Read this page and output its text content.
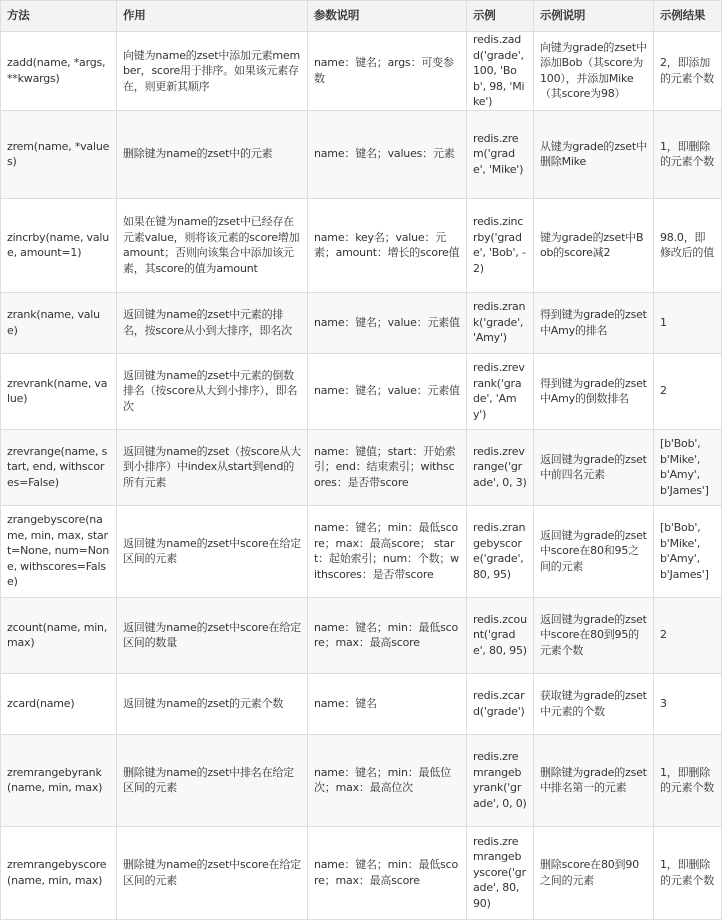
方法	作用	参数说明	示例	示例说明	示例结果
zadd(name, *args, **kwargs)	向键为name的zset中添加元素member，score用于排序。如果该元素存在，则更新其顺序	name：键名；args：可变参数	redis.zadd('grade', 100, 'Bob', 98, 'Mike')	向键为grade的zset中添加Bob（其score为100），并添加Mike（其score为98）	2，即添加的元素个数
zrem(name, *values)	删除键为name的zset中的元素	name：键名；values：元素	redis.zrem('grade', 'Mike')	从键为grade的zset中删除Mike	1，即删除的元素个数
zincrby(name, value, amount=1)	如果在键为name的zset中已经存在元素value，则将该元素的score增加amount；否则向该集合中添加该元素，其score的值为amount	name：key名；value：元素；amount：增长的score值	redis.zincrby('grade', 'Bob', -2)	键为grade的zset中Bob的score减2	98.0，即修改后的值
zrank(name, value)	返回键为name的zset中元素的排名，按score从小到大排序，即名次	name：键名；value：元素值	redis.zrank('grade', 'Amy')	得到键为grade的zset中Amy的排名	1
zrevrank(name, value)	返回键为name的zset中元素的倒数排名（按score从大到小排序），即名次	name：键名；value：元素值	redis.zrevrank('grade', 'Amy')	得到键为grade的zset中Amy的倒数排名	2
zrevrange(name, start, end, withscores=False)	返回键为name的zset（按score从大到小排序）中index从start到end的所有元素	name：键值；start：开始索引；end：结束索引；withscores：是否带score	redis.zrevrange('grade', 0, 3)	返回键为grade的zset中前四名元素	[b'Bob', b'Mike', b'Amy', b'James']
zrangebyscore(name, min, max, start=None, num=None, withscores=False)	返回键为name的zset中score在给定区间的元素	name：键名；min：最低score；max：最高score； start：起始索引；num：个数；withscores：是否带score	redis.zrangebyscore('grade', 80, 95)	返回键为grade的zset中score在80和95之间的元素	[b'Bob', b'Mike', b'Amy', b'James']
zcount(name, min, max)	返回键为name的zset中score在给定区间的数量	name：键名；min：最低score；max：最高score	redis.zcount('grade', 80, 95)	返回键为grade的zset中score在80到95的元素个数	2
zcard(name)	返回键为name的zset的元素个数	name：键名	redis.zcard('grade')	获取键为grade的zset中元素的个数	3
zremrangebyrank(name, min, max)	删除键为name的zset中排名在给定区间的元素	name：键名；min：最低位次；max：最高位次	redis.zremrangebyrank('grade', 0, 0)	删除键为grade的zset中排名第一的元素	1，即删除的元素个数
zremrangebyscore(name, min, max)	删除键为name的zset中score在给定区间的元素	name：键名；min：最低score；max：最高score	redis.zremrangebyscore('grade', 80, 90)	删除score在80到90之间的元素	1，即删除的元素个数
